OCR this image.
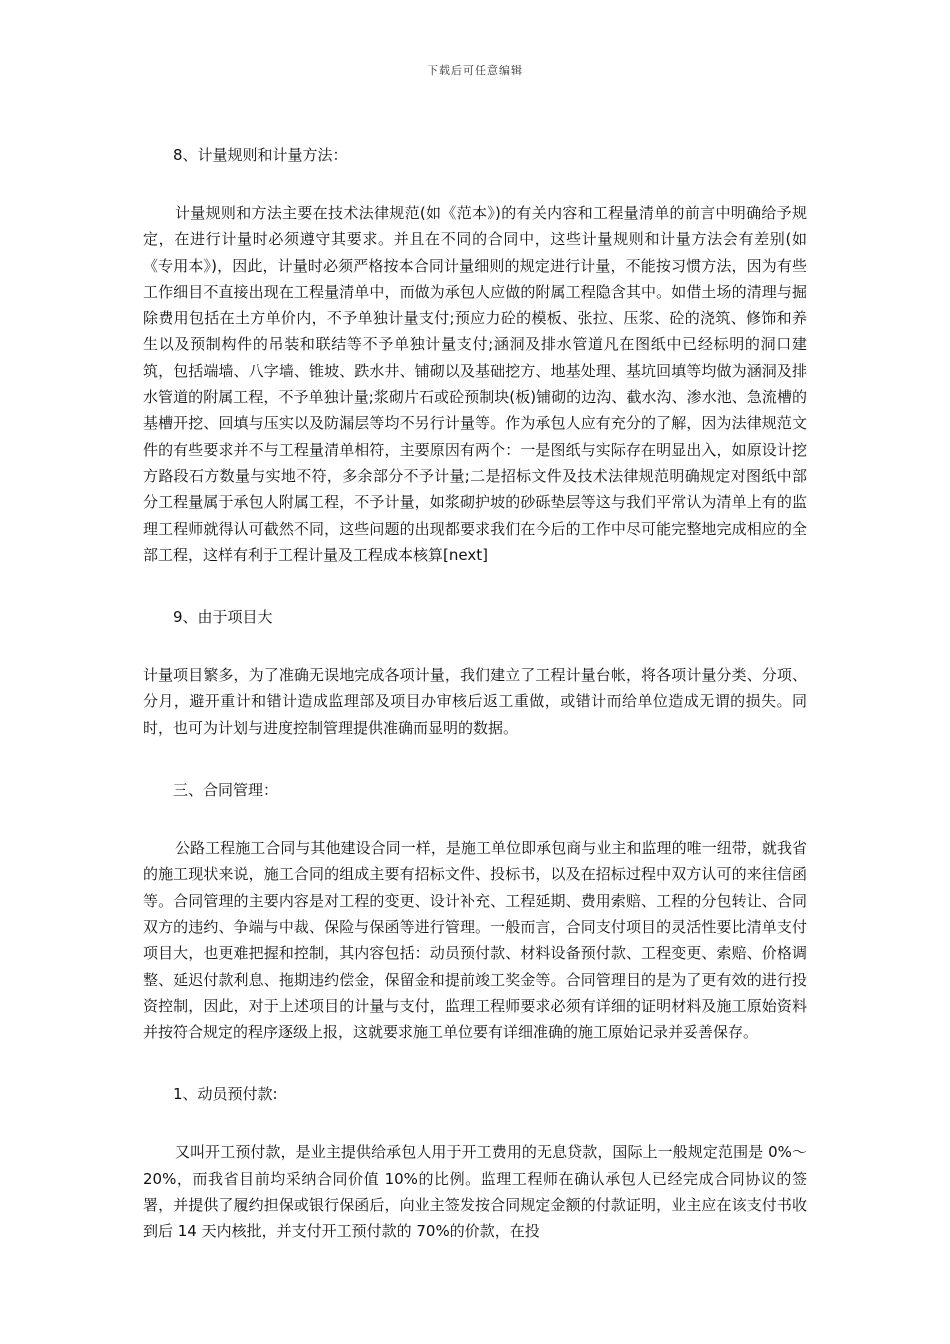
下载后可任意编辑

8、计量规则和计量方法：

计量规则和方法主要在技术法律规范(如《范本》)的有关内容和工程量清单的前言中明确给予规定，在进行计量时必须遵守其要求。并且在不同的合同中，这些计量规则和计量方法会有差别(如《专用本》)，因此，计量时必须严格按本合同计量细则的规定进行计量，不能按习惯方法，因为有些工作细目不直接出现在工程量清单中，而做为承包人应做的附属工程隐含其中。如借土场的清理与掘除费用包括在土方单价内，不予单独计量支付;预应力砼的模板、张拉、压浆、砼的浇筑、修饰和养生以及预制构件的吊装和联结等不予单独计量支付;涵洞及排水管道凡在图纸中已经标明的洞口建筑，包括端墙、八字墙、锥坡、跌水井、铺砌以及基础挖方、地基处理、基坑回填等均做为涵洞及排水管道的附属工程，不予单独计量;浆砌片石或砼预制块(板)铺砌的边沟、截水沟、渗水池、急流槽的基槽开挖、回填与压实以及防漏层等均不另行计量等。作为承包人应有充分的了解，因为法律规范文件的有些要求并不与工程量清单相符，主要原因有两个：一是图纸与实际存在明显出入，如原设计挖方路段石方数量与实地不符，多余部分不予计量;二是招标文件及技术法律规范明确规定对图纸中部分工程量属于承包人附属工程，不予计量，如浆砌护坡的砂砾垫层等这与我们平常认为清单上有的监理工程师就得认可截然不同，这些问题的出现都要求我们在今后的工作中尽可能完整地完成相应的全部工程，这样有利于工程计量及工程成本核算[next]

9、由于项目大

计量项目繁多，为了准确无误地完成各项计量，我们建立了工程计量台帐，将各项计量分类、分项、分月，避开重计和错计造成监理部及项目办审核后返工重做，或错计而给单位造成无谓的损失。同时，也可为计划与进度控制管理提供准确而显明的数据。

三、合同管理：

公路工程施工合同与其他建设合同一样，是施工单位即承包商与业主和监理的唯一纽带，就我省的施工现状来说，施工合同的组成主要有招标文件、投标书，以及在招标过程中双方认可的来往信函等。合同管理的主要内容是对工程的变更、设计补充、工程延期、费用索赔、工程的分包转让、合同双方的违约、争端与中裁、保险与保函等进行管理。一般而言，合同支付项目的灵活性要比清单支付项目大，也更难把握和控制，其内容包括：动员预付款、材料设备预付款、工程变更、索赔、价格调整、延迟付款利息、拖期违约偿金，保留金和提前竣工奖金等。合同管理目的是为了更有效的进行投资控制，因此，对于上述项目的计量与支付，监理工程师要求必须有详细的证明材料及施工原始资料并按符合规定的程序逐级上报，这就要求施工单位要有详细准确的施工原始记录并妥善保存。

1、动员预付款:

又叫开工预付款，是业主提供给承包人用于开工费用的无息贷款，国际上一般规定范围是 0%～20%，而我省目前均采纳合同价值 10%的比例。监理工程师在确认承包人已经完成合同协议的签署，并提供了履约担保或银行保函后，向业主签发按合同规定金额的付款证明，业主应在该支付书收到后 14 天内核批，并支付开工预付款的 70%的价款，在投
